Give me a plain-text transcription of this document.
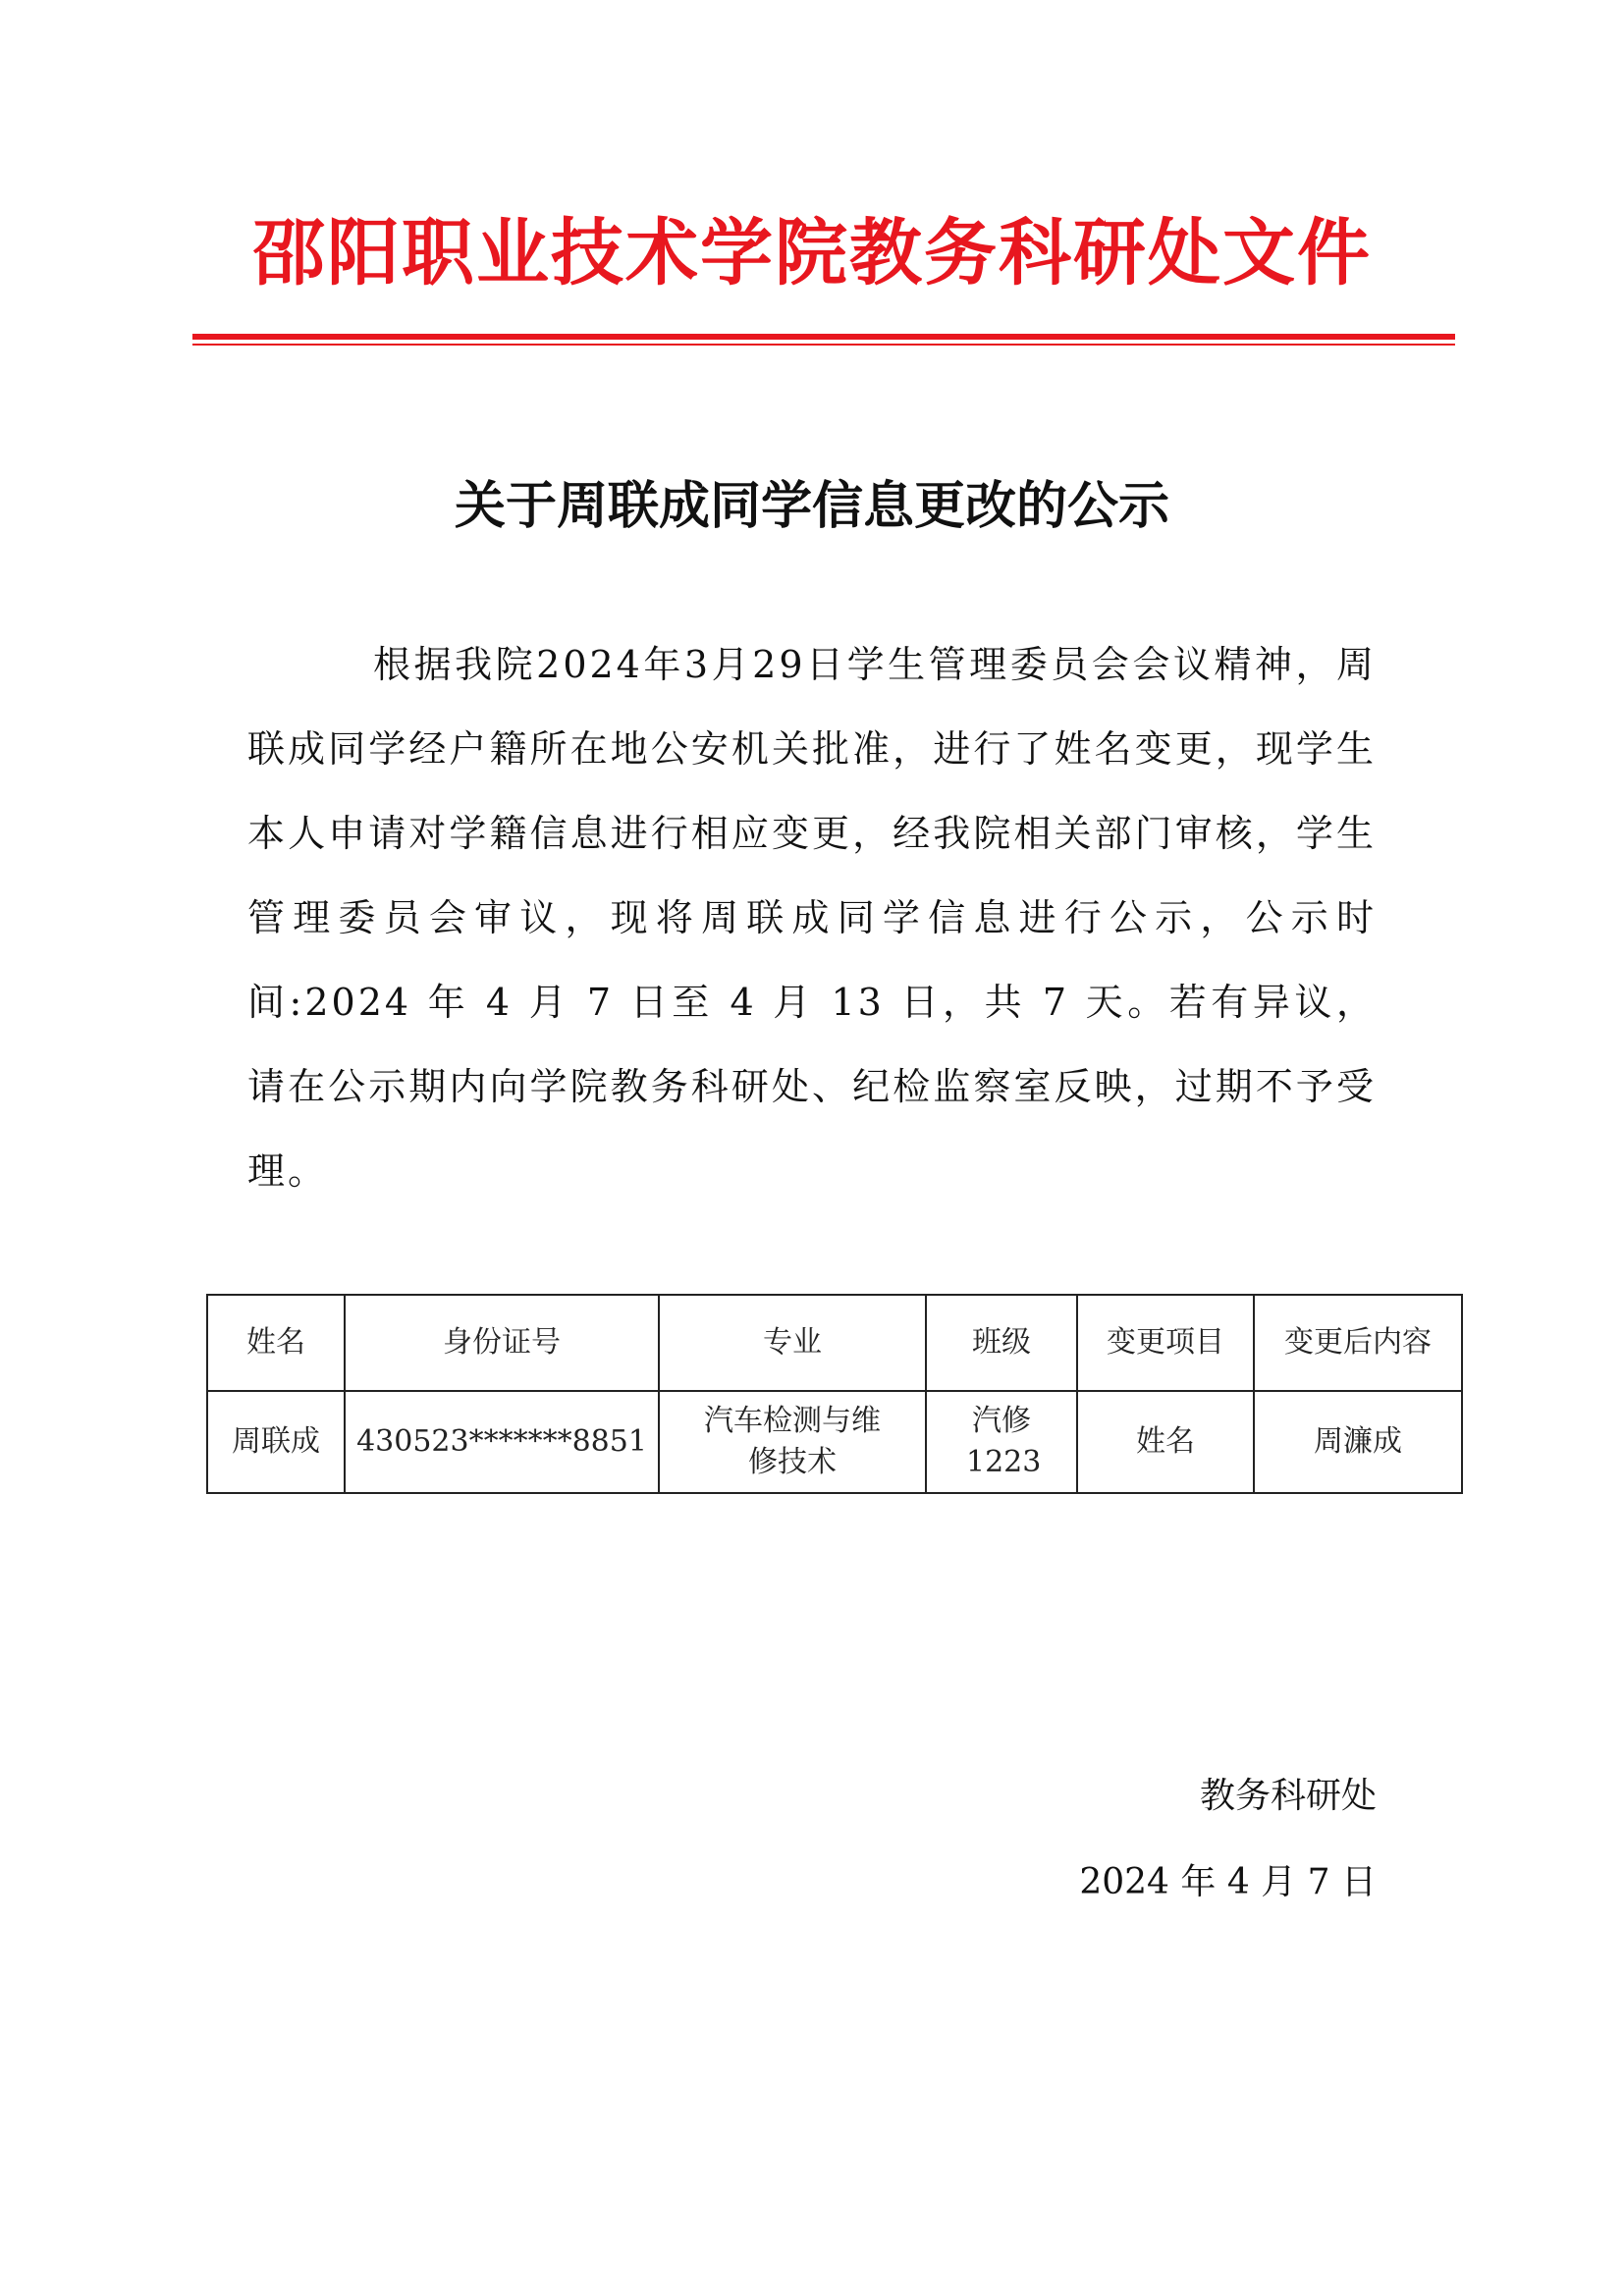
邵阳职业技术学院教务科研处文件
关于周联成同学信息更改的公示

根据我院2024年3月29日学生管理委员会会议精神，周联成同学经户籍所在地公安机关批准，进行了姓名变更，现学生本人申请对学籍信息进行相应变更，经我院相关部门审核，学生管理委员会审议，现将周联成同学信息进行公示，公示时间:2024 年 4 月 7 日至 4 月 13 日，共 7 天。若有异议，请在公示期内向学院教务科研处、纪检监察室反映，过期不予受理。

姓名	身份证号	专业	班级	变更项目	变更后内容
周联成	430523*******8851	汽车检测与维修技术	汽修1223	姓名	周濂成
教务科研处
2024 年 4 月 7 日
